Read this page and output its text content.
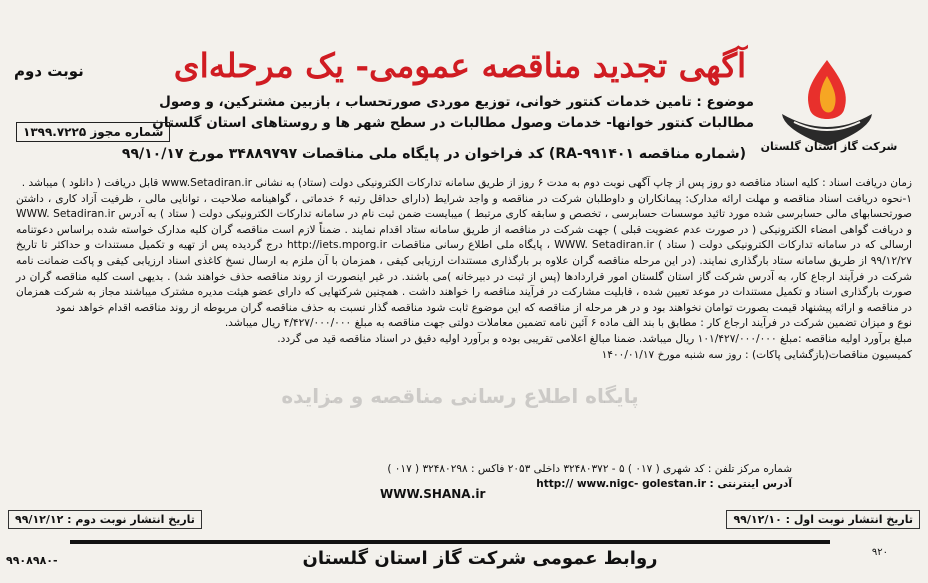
آگهی تجدید مناقصه عمومی- یک مرحله‌ای
نوبت دوم
شرکت گاز استان گلستان
موضوع : تامین خدمات کنتور خوانی، توزیع موردی صورتحساب ، بازبین مشترکین، و وصول مطالبات کنتور خوانها- خدمات وصول مطالبات در سطح شهر ها و روستاهای استان گلستان
(شماره مناقصه RA-۹۹۱۴۰۱) کد فراخوان در پایگاه ملی مناقصات ۳۴۸۸۹۷۹۷ مورخ ۹۹/۱۰/۱۷
شماره مجوز ۱۳۹۹.۷۲۲۵

زمان دریافت اسناد : کلیه اسناد مناقصه دو روز پس از چاپ آگهی نوبت دوم به مدت ۶ روز از طریق سامانه تدارکات الکترونیکی دولت (ستاد) به نشانی www.Setadiran.ir قابل دریافت ( دانلود ) میباشد .

۱-نحوه دریافت اسناد مناقصه و مهلت ارائه مدارک: پیمانکاران و داوطلبان شرکت در مناقصه و واجد شرایط (دارای حداقل رتبه ۶ خدماتی ، گواهینامه صلاحیت ، توانایی مالی ، ظرفیت آزاد کاری ، داشتن صورتحسابهای مالی حسابرسی شده مورد تائید موسسات حسابرسی ، تخصص و سابقه کاری مرتبط ) میبایست ضمن ثبت نام در سامانه تدارکات الکترونیکی دولت ( ستاد ) به آدرس WWW. Setadiran.ir و دریافت گواهی امضاء الکترونیکی ( در صورت عدم عضویت قبلی ) جهت شرکت در مناقصه از طریق سامانه ستاد اقدام نمایند . ضمناً لازم است مناقصه گران کلیه مدارک خواسته شده براساس دعوتنامه ارسالی که در سامانه تدارکات الکترونیکی دولت ( ستاد ) WWW. Setadiran.ir ، پایگاه ملی اطلاع رسانی مناقصات http://iets.mporg.ir درج گردیده پس از تهیه و تکمیل مستندات و حداکثر تا تاریخ ۹۹/۱۲/۲۷ از طریق سامانه ستاد بارگذاری نمایند. (در این مرحله مناقصه گران علاوه بر بارگذاری مستندات ارزیابی کیفی ، همزمان با آن ملزم به ارسال نسخ کاغذی اسناد ارزیابی کیفی و پاکت ضمانت نامه شرکت در فرآیند ارجاع کار، به آدرس شرکت گاز استان گلستان امور قراردادها (پس از ثبت در دبیرخانه )می باشند. در غیر اینصورت از روند مناقصه حذف خواهند شد) . بدیهی است کلیه مناقصه گران در صورت بارگذاری اسناد و تکمیل مستندات در موعد تعیین شده ، قابلیت مشارکت در فرآیند مناقصه را خواهند داشت . همچنین شرکتهایی که دارای عضو هیئت مدیره مشترک میباشند مجاز به شرکت همزمان در مناقصه و ارائه پیشنهاد قیمت بصورت توامان نخواهند بود و در هر مرحله از مناقصه که این موضوع ثابت شود مناقصه گذار نسبت به حذف مناقصه گران مربوطه از روند مناقصه اقدام خواهد نمود

نوع و میزان تضمین شرکت در فرآیند ارجاع کار : مطابق با بند الف ماده ۶ آئین نامه تضمین معاملات دولتی جهت مناقصه به مبلغ ۴/۴۲۷/۰۰۰/۰۰۰ ریال میباشد.

مبلغ برآورد اولیه مناقصه :مبلغ ۱۰۱/۴۲۷/۰۰۰/۰۰۰ ریال میباشد. ضمنا مبالغ اعلامی تقریبی بوده و برآورد اولیه دقیق در اسناد مناقصه قید می گردد.

کمیسیون مناقصات(بازگشایی پاکات) : روز سه شنبه مورخ ۱۴۰۰/۰۱/۱۷

پایگاه اطلاع رسانی مناقصه و مزایده
شماره مرکز تلفن : کد شهری ( ۰۱۷ ) ۵ - ۳۲۴۸۰۳۷۲ داخلی ۲۰۵۳ فاکس : ۳۲۴۸۰۲۹۸ ( ۰۱۷ )
آدرس اینترنتی : http:// www.nigc- golestan.ir
WWW.SHANA.ir
تاریخ انتشار نوبت دوم : ۹۹/۱۲/۱۲	تاریخ انتشار نوبت اول : ۹۹/۱۲/۱۰
روابط عمومی شرکت گاز استان گلستان
۹۹۰۸۹۸۰-
۹۲۰
